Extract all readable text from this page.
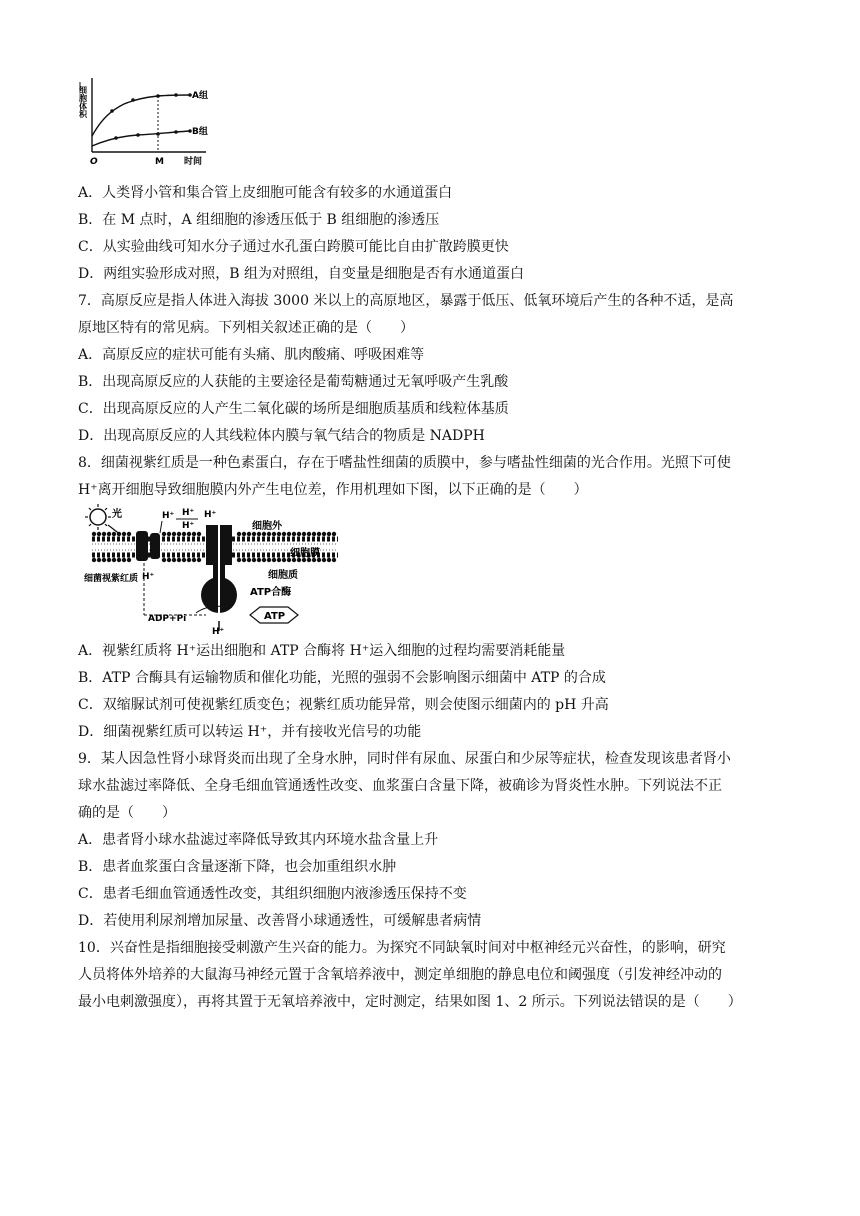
细胞体积
O	M 时间
A组
B组
A．人类肾小管和集合管上皮细胞可能含有较多的水通道蛋白
B．在 M 点时，A 组细胞的渗透压低于 B 组细胞的渗透压
C．从实验曲线可知水分子通过水孔蛋白跨膜可能比自由扩散跨膜更快
D．两组实验形成对照，B 组为对照组，自变量是细胞是否有水通道蛋白
7．高原反应是指人体进入海拔 3000 米以上的高原地区，暴露于低压、低氧环境后产生的各种不适，是高
原地区特有的常见病。下列相关叙述正确的是（　　）
A．高原反应的症状可能有头痛、肌肉酸痛、呼吸困难等
B．出现高原反应的人获能的主要途径是葡萄糖通过无氧呼吸产生乳酸
C．出现高原反应的人产生二氧化碳的场所是细胞质基质和线粒体基质
D．出现高原反应的人其线粒体内膜与氧气结合的物质是 NADPH
8．细菌视紫红质是一种色素蛋白，存在于嗜盐性细菌的质膜中，参与嗜盐性细菌的光合作用。光照下可使
H⁺离开细胞导致细胞膜内外产生电位差，作用机理如下图，以下正确的是（　　）
光	H⁺ H⁺
H⁺
H⁺
细胞外
细胞膜
细胞质
ATP合酶
细菌视紫红质 H⁺
ADP+Pi	ATP
H⁺
A．视紫红质将 H⁺运出细胞和 ATP 合酶将 H⁺运入细胞的过程均需要消耗能量
B．ATP 合酶具有运输物质和催化功能，光照的强弱不会影响图示细菌中 ATP 的合成
C．双缩脲试剂可使视紫红质变色；视紫红质功能异常，则会使图示细菌内的 pH 升高
D．细菌视紫红质可以转运 H⁺，并有接收光信号的功能
9．某人因急性肾小球肾炎而出现了全身水肿，同时伴有尿血、尿蛋白和少尿等症状，检查发现该患者肾小
球水盐滤过率降低、全身毛细血管通透性改变、血浆蛋白含量下降，被确诊为肾炎性水肿。下列说法不正
确的是（　　）
A．患者肾小球水盐滤过率降低导致其内环境水盐含量上升
B．患者血浆蛋白含量逐渐下降，也会加重组织水肿
C．患者毛细血管通透性改变，其组织细胞内液渗透压保持不变
D．若使用利尿剂增加尿量、改善肾小球通透性，可缓解患者病情
10．兴奋性是指细胞接受刺激产生兴奋的能力。为探究不同缺氧时间对中枢神经元兴奋性，的影响，研究
人员将体外培养的大鼠海马神经元置于含氧培养液中，测定单细胞的静息电位和阈强度（引发神经冲动的
最小电刺激强度），再将其置于无氧培养液中，定时测定，结果如图 1、2 所示。下列说法错误的是（　　）
